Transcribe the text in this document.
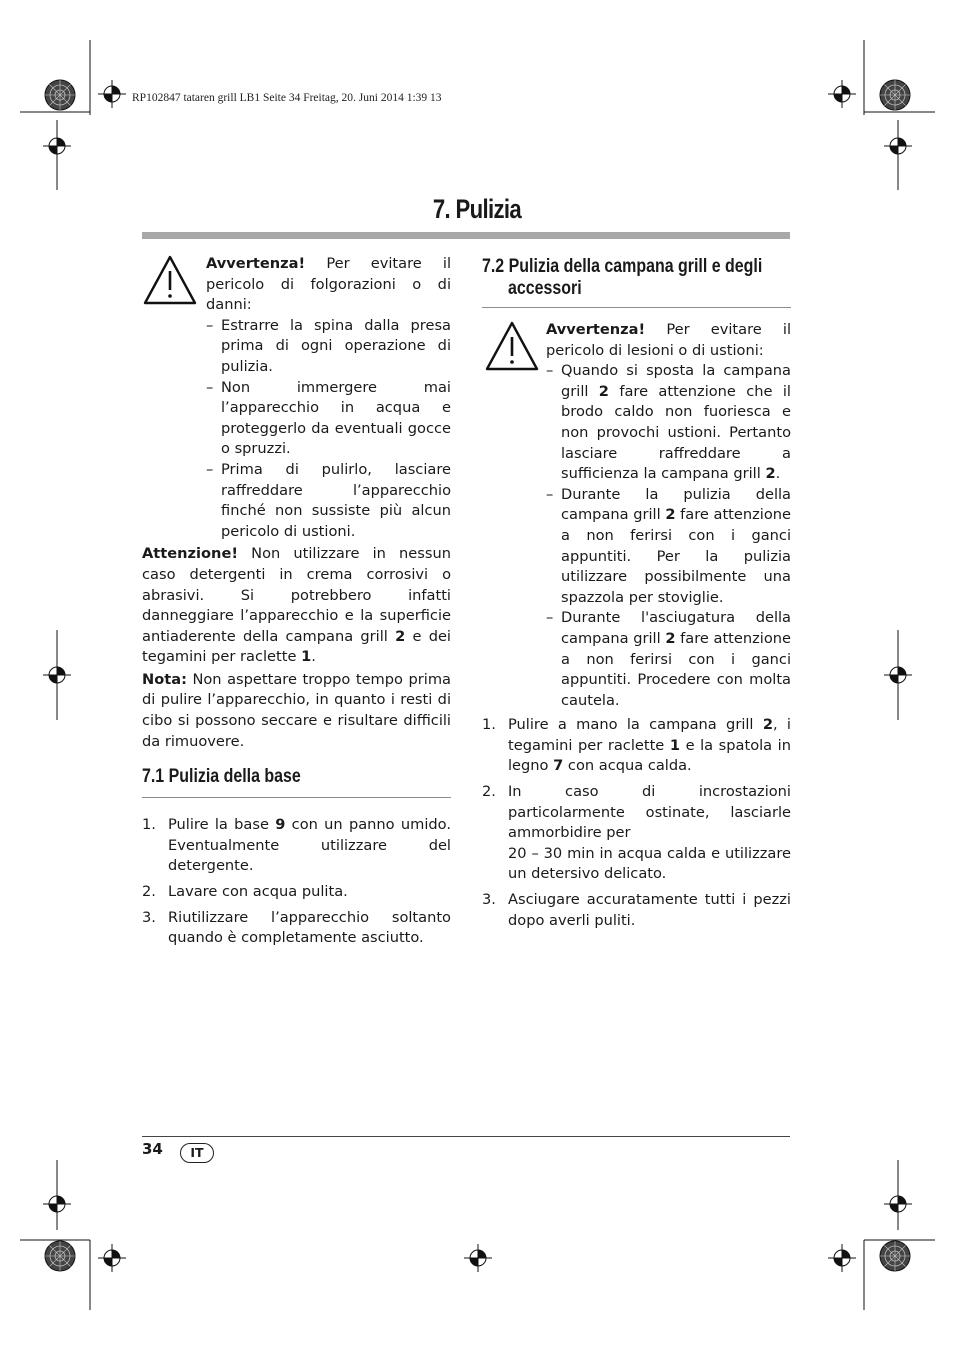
RP102847 tataren grill LB1 Seite 34 Freitag, 20. Juni 2014 1:39 13
7. Pulizia

Avvertenza! Per evitare il pericolo di folgorazioni o di danni:

– Estrarre la spina dalla presa prima di ogni operazione di pulizia.

– Non immergere mai l’apparecchio in acqua e proteggerlo da eventuali gocce o spruzzi.

– Prima di pulirlo, lasciare raffreddare l’apparecchio finché non sussiste più alcun pericolo di ustioni.

Attenzione! Non utilizzare in nessun caso detergenti in crema corrosivi o abrasivi. Si potrebbero infatti danneggiare l’apparecchio e la superficie antiaderente della campana grill 2 e dei tegamini per raclette 1.

Nota: Non aspettare troppo tempo prima di pulire l’apparecchio, in quanto i resti di cibo si possono seccare e risultare difficili da rimuovere.

7.1 Pulizia della base

1. Pulire la base 9 con un panno umido. Eventualmente utilizzare del detergente.

2. Lavare con acqua pulita.

3. Riutilizzare l’apparecchio soltanto quando è completamente asciutto.

7.2 Pulizia della campana grill e degli

accessori

Avvertenza! Per evitare il pericolo di lesioni o di ustioni:

– Quando si sposta la campana grill 2 fare attenzione che il brodo caldo non fuoriesca e non provochi ustioni. Pertanto lasciare raffreddare a sufficienza la campana grill 2.

– Durante la pulizia della campana grill 2 fare attenzione a non ferirsi con i ganci appuntiti. Per la pulizia utilizzare possibilmente una spazzola per stoviglie.

– Durante l'asciugatura della campana grill 2 fare attenzione a non ferirsi con i ganci appuntiti. Procedere con molta cautela.

1. Pulire a mano la campana grill 2, i tegamini per raclette 1 e la spatola in legno 7 con acqua calda.

2. In caso di incrostazioni particolarmente ostinate, lasciarle ammorbidire per
20 – 30 min in acqua calda e utilizzare un detersivo delicato.

3. Asciugare accuratamente tutti i pezzi dopo averli puliti.

34	IT
